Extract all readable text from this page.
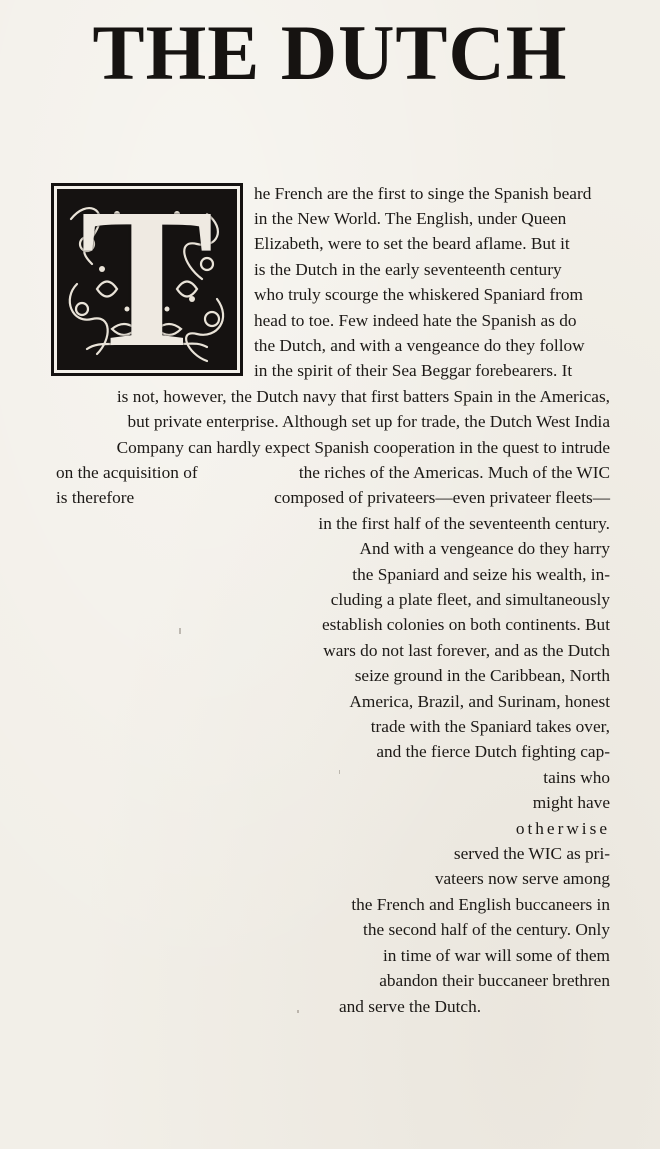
THE DUTCH
T	he French are the first to singe the Spanish beard
in the New World. The English, under Queen
Elizabeth, were to set the beard aflame. But it
is the Dutch in the early seventeenth century
who truly scourge the whiskered Spaniard from
head to toe. Few indeed hate the Spanish as do
the Dutch, and with a vengeance do they follow
in the spirit of their Sea Beggar forebearers. It
is not, however, the Dutch navy that first batters Spain in the Americas,
but private enterprise. Although set up for trade, the Dutch West India
Company can hardly expect Spanish cooperation in the quest to intrude
on the acquisition of	the riches of the Americas. Much of the WIC
is therefore	composed of privateers—even privateer fleets—
in the first half of the seventeenth century.
And with a vengeance do they harry
the Spaniard and seize his wealth, in-
cluding a plate fleet, and simultaneously
establish colonies on both continents. But
wars do not last forever, and as the Dutch
seize ground in the Caribbean, North
America, Brazil, and Surinam, honest
trade with the Spaniard takes over,
and the fierce Dutch fighting cap-
tains who
might have
otherwise
served the WIC as pri-
vateers now serve among
the French and English buccaneers in
the second half of the century. Only
in time of war will some of them
abandon their buccaneer brethren
and serve the Dutch.
